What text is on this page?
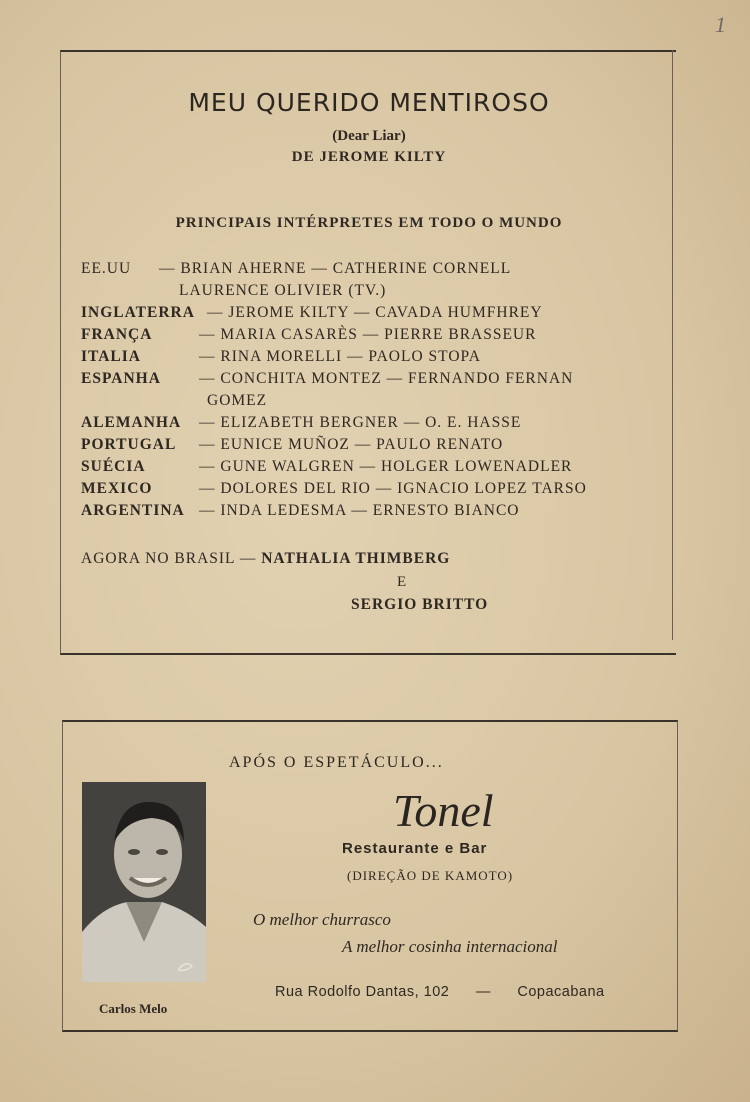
1
MEU QUERIDO MENTIROSO
(Dear Liar)
DE JEROME KILTY
PRINCIPAIS INTÉRPRETES EM TODO O MUNDO
EE.UU — BRIAN AHERNE — CATHERINE CORNELL
LAURENCE OLIVIER (TV.)
INGLATERRA — JEROME KILTY — CAVADA HUMFHREY
FRANÇA	— MARIA CASARÈS — PIERRE BRASSEUR
ITALIA	— RINA MORELLI — PAOLO STOPA
ESPANHA — CONCHITA MONTEZ — FERNANDO FERNAN
GOMEZ
ALEMANHA — ELIZABETH BERGNER — O. E. HASSE
PORTUGAL — EUNICE MUÑOZ — PAULO RENATO
SUÉCIA	— GUNE WALGREN — HOLGER LOWENADLER
MEXICO	— DOLORES DEL RIO — IGNACIO LOPEZ TARSO
ARGENTINA — INDA LEDESMA — ERNESTO BIANCO
AGORA NO BRASIL — NATHALIA THIMBERG
E
SERGIO BRITTO
APÓS O ESPETÁCULO...
Carlos Melo
Tonel
Restaurante e Bar
(DIREÇÃO DE KAMOTO)
O melhor churrasco
A melhor cosinha internacional
Rua Rodolfo Dantas, 102 — Copacabana
